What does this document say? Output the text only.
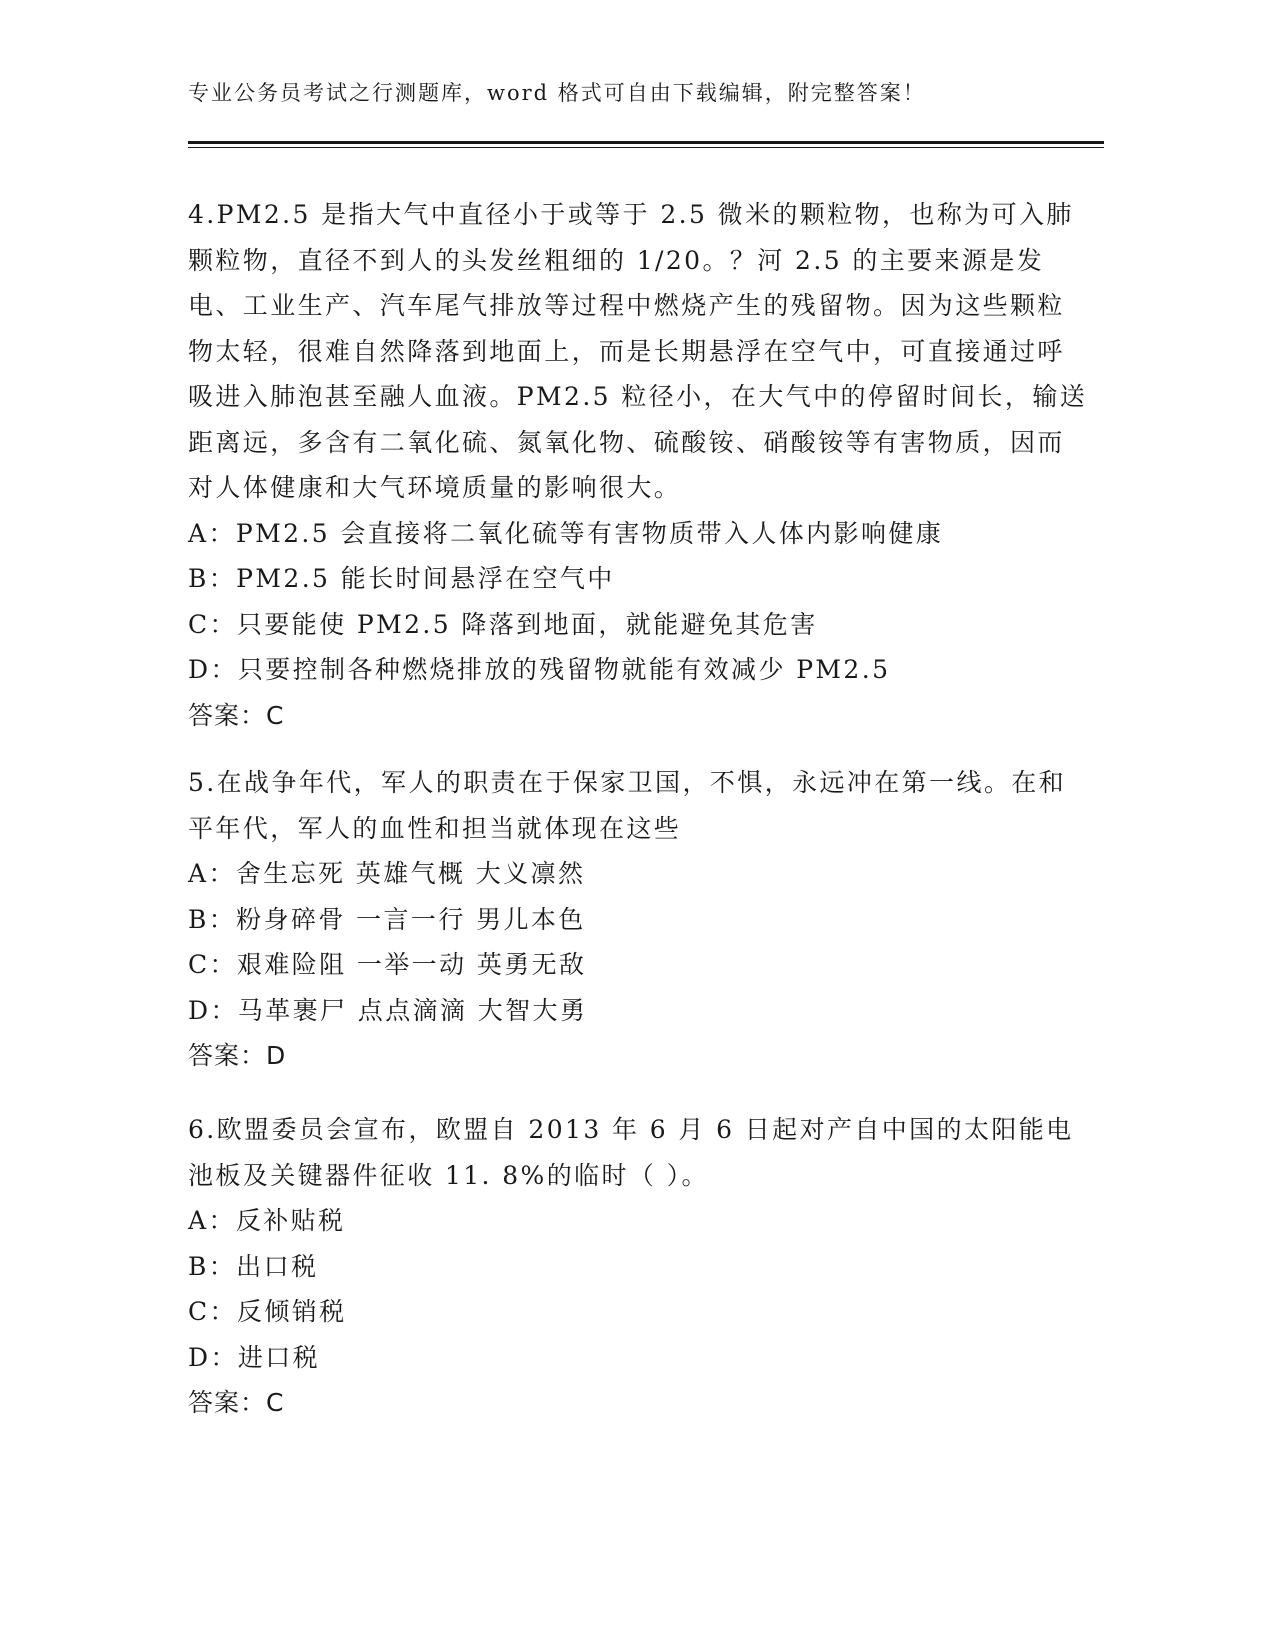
专业公务员考试之行测题库，word 格式可自由下载编辑，附完整答案！

4.PM2.5 是指大气中直径小于或等于 2.5 微米的颗粒物，也称为可入肺颗粒物，直径不到人的头发丝粗细的 1/20。？河 2.5 的主要来源是发电、工业生产、汽车尾气排放等过程中燃烧产生的残留物。因为这些颗粒物太轻，很难自然降落到地面上，而是长期悬浮在空气中，可直接通过呼吸进入肺泡甚至融人血液。PM2.5 粒径小，在大气中的停留时间长，输送距离远，多含有二氧化硫、氮氧化物、硫酸铵、硝酸铵等有害物质，因而对人体健康和大气环境质量的影响很大。

A：PM2.5 会直接将二氧化硫等有害物质带入人体内影响健康

B：PM2.5 能长时间悬浮在空气中

C：只要能使 PM2.5 降落到地面，就能避免其危害

D：只要控制各种燃烧排放的残留物就能有效减少 PM2.5

答案：C

5.在战争年代，军人的职责在于保家卫国，不惧，永远冲在第一线。在和平年代，军人的血性和担当就体现在这些

A：舍生忘死 英雄气概 大义凛然

B：粉身碎骨 一言一行 男儿本色

C：艰难险阻 一举一动 英勇无敌

D：马革裹尸 点点滴滴 大智大勇

答案：D

6.欧盟委员会宣布，欧盟自 2013 年 6 月 6 日起对产自中国的太阳能电池板及关键器件征收 11. 8%的临时（ ）。

A：反补贴税

B：出口税

C：反倾销税

D：进口税

答案：C
